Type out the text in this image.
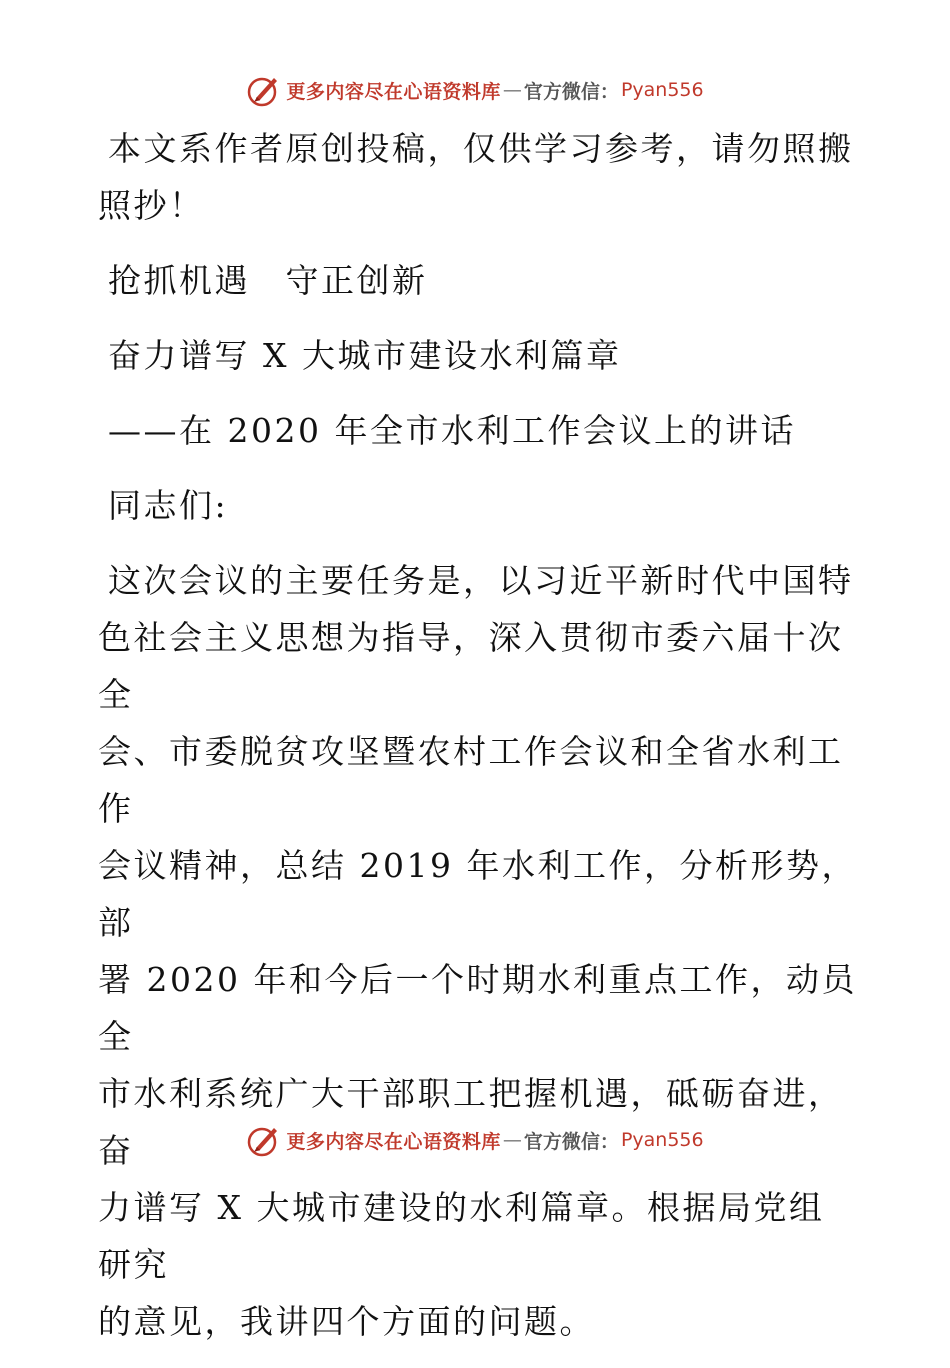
更多内容尽在心语资料库 — 官方微信： Pyan556
本文系作者原创投稿，仅供学习参考，请勿照搬
照抄！
抢抓机遇　守正创新
奋力谱写 X 大城市建设水利篇章
——在 2020 年全市水利工作会议上的讲话
同志们:
这次会议的主要任务是，以习近平新时代中国特
色社会主义思想为指导，深入贯彻市委六届十次全
会、市委脱贫攻坚暨农村工作会议和全省水利工作
会议精神，总结 2019 年水利工作，分析形势，部
署 2020 年和今后一个时期水利重点工作，动员全
市水利系统广大干部职工把握机遇，砥砺奋进，奋
力谱写 X 大城市建设的水利篇章。根据局党组研究
的意见，我讲四个方面的问题。
更多内容尽在心语资料库 — 官方微信： Pyan556
